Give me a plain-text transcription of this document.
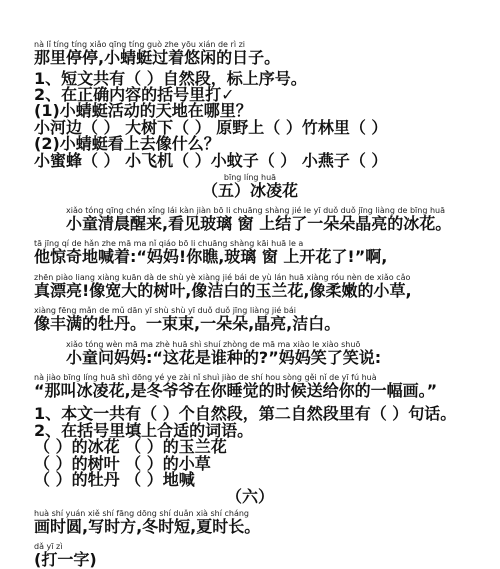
nà lǐ tíng tíng xiǎo qīng tíng guò zhe yōu xián de rì zi
那里停停,小蜻蜓过着悠闲的日子。
1、短文共有（ ）自然段，标上序号。
2、在正确内容的括号里打✓
(1)小蜻蜓活动的天地在哪里？
小河边（ ） 大树下（ ） 原野上（ ）竹林里（ ）
(2)小蜻蜓看上去像什么？
小蜜蜂（ ） 小飞机（ ）小蚊子（ ） 小燕子（ ）
bīng líng huā
（五）冰凌花
xiǎo tóng qīng chén xǐng lái kàn jiàn bō li chuāng shàng jié le yī duǒ duǒ jīng liàng de bīng huā
小童清晨醒来,看见玻璃 窗 上结了一朵朵晶亮的冰花。
tā jīng qí de hǎn zhe mā ma nǐ qiáo bō li chuāng shàng kāi huā le a
他惊奇地喊着:“妈妈!你瞧,玻璃 窗 上开花了!”啊,
zhēn piào liang xiàng kuān dà de shù yè xiàng jié bái de yù lán huā xiàng róu nèn de xiǎo cǎo
真漂亮!像宽大的树叶,像洁白的玉兰花,像柔嫩的小草,
xiàng fēng mǎn de mǔ dān yī shù shù yī duǒ duǒ jīng liàng jié bái
像丰满的牡丹。一束束,一朵朵,晶亮,洁白。
xiǎo tóng wèn mā ma zhè huā shì shuí zhòng de mā ma xiào le xiào shuō
小童问妈妈:“这花是谁种的?”妈妈笑了笑说:
nà jiào bīng líng huā shì dōng yé ye zài nǐ shuì jiào de shí hou sòng gěi nǐ de yī fú huà
“那叫冰凌花,是冬爷爷在你睡觉的时候送给你的一幅画。”
1、本文一共有（ ）个自然段，第二自然段里有（ ）句话。
2、在括号里填上合适的词语。
（ ）的冰花 （ ）的玉兰花
（ ）的树叶 （ ）的小草
（ ）的牡丹 （ ）地喊
（六）
huà shí yuán xiě shí fāng dōng shí duǎn xià shí cháng
画时圆,写时方,冬时短,夏时长。
dǎ yī zì
(打一字)
